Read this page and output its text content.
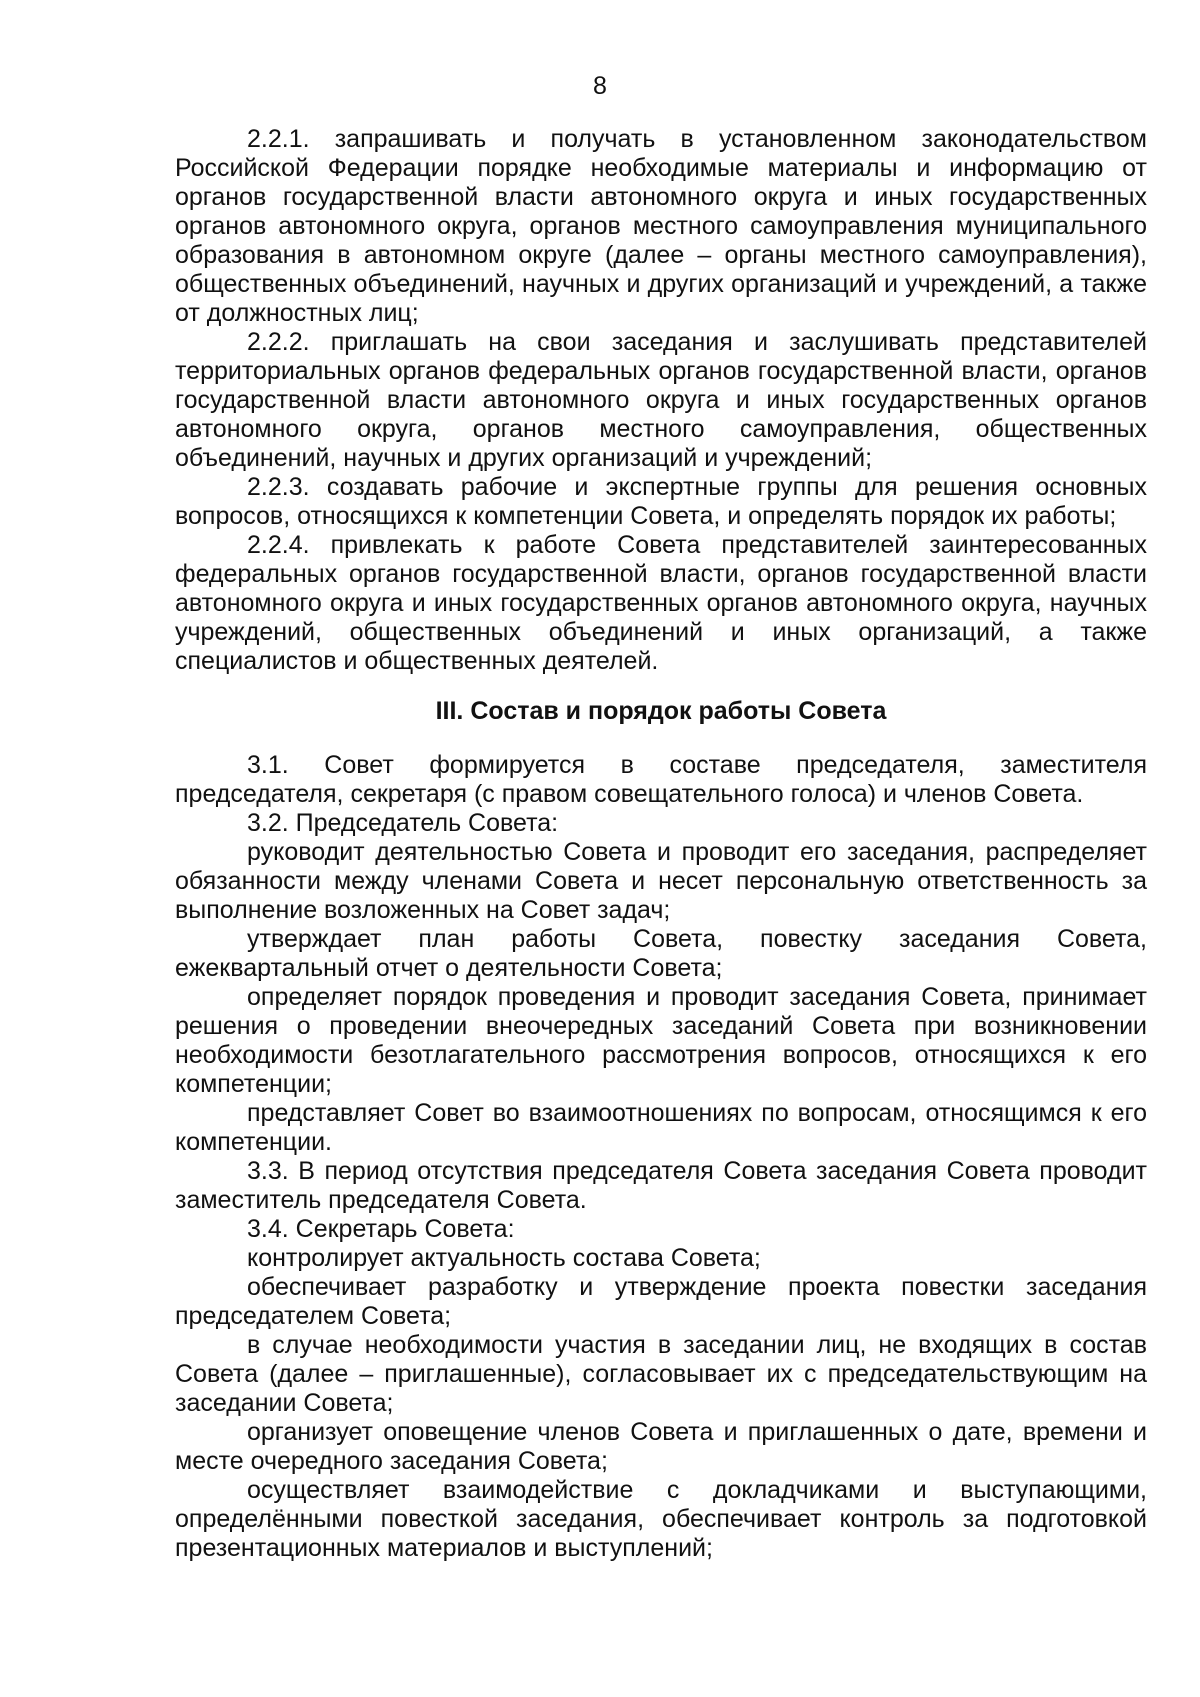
8

2.2.1. запрашивать и получать в установленном законодательством Российской Федерации порядке необходимые материалы и информацию от органов государственной власти автономного округа и иных государственных органов автономного округа, органов местного самоуправления муниципального образования в автономном округе (далее – органы местного самоуправления), общественных объединений, научных и других организаций и учреждений, а также от должностных лиц;

2.2.2. приглашать на свои заседания и заслушивать представителей территориальных органов федеральных органов государственной власти, органов государственной власти автономного округа и иных государственных органов автономного округа, органов местного самоуправления, общественных объединений, научных и других организаций и учреждений;

2.2.3. создавать рабочие и экспертные группы для решения основных вопросов, относящихся к компетенции Совета, и определять порядок их работы;

2.2.4. привлекать к работе Совета представителей заинтересованных федеральных органов государственной власти, органов государственной власти автономного округа и иных государственных органов автономного округа, научных учреждений, общественных объединений и иных организаций, а также специалистов и общественных деятелей.

III. Состав и порядок работы Совета

3.1. Совет формируется в составе председателя, заместителя председателя, секретаря (с правом совещательного голоса) и членов Совета.

3.2. Председатель Совета:

руководит деятельностью Совета и проводит его заседания, распределяет обязанности между членами Совета и несет персональную ответственность за выполнение возложенных на Совет задач;

утверждает план работы Совета, повестку заседания Совета, ежеквартальный отчет о деятельности Совета;

определяет порядок проведения и проводит заседания Совета, принимает решения о проведении внеочередных заседаний Совета при возникновении необходимости безотлагательного рассмотрения вопросов, относящихся к его компетенции;

представляет Совет во взаимоотношениях по вопросам, относящимся к его компетенции.

3.3. В период отсутствия председателя Совета заседания Совета проводит заместитель председателя Совета.

3.4. Секретарь Совета:

контролирует актуальность состава Совета;

обеспечивает разработку и утверждение проекта повестки заседания председателем Совета;

в случае необходимости участия в заседании лиц, не входящих в состав Совета (далее – приглашенные), согласовывает их с председательствующим на заседании Совета;

организует оповещение членов Совета и приглашенных о дате, времени и месте очередного заседания Совета;

осуществляет взаимодействие с докладчиками и выступающими, определёнными повесткой заседания, обеспечивает контроль за подготовкой презентационных материалов и выступлений;
